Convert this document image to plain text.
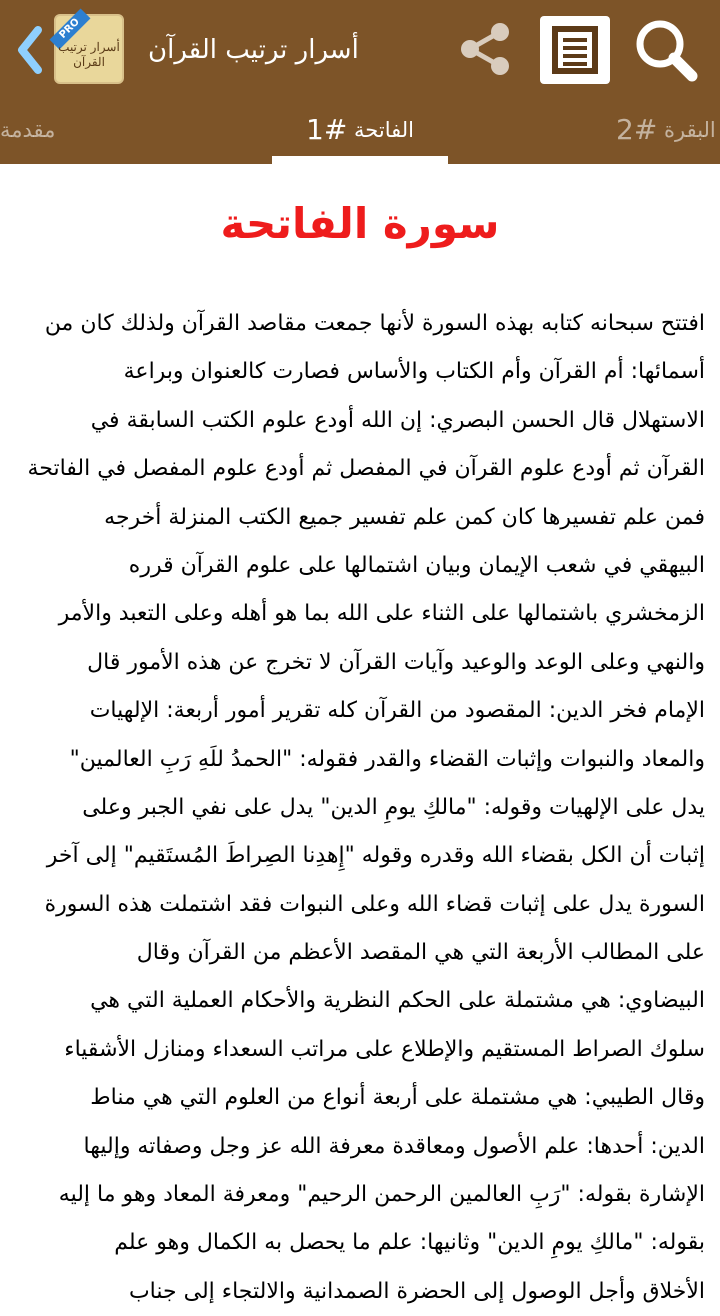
PRO
أسرار ترتيب
القرآن	أسرار ترتيب القرآن
مقدمة	الفاتحة #1	البقرة #2
سورة الفاتحة
افتتح سبحانه كتابه بهذه السورة لأنها جمعت مقاصد القرآن ولذلك كان من
أسمائها: أم القرآن وأم الكتاب والأساس فصارت كالعنوان وبراعة
الاستهلال قال الحسن البصري: إن الله أودع علوم الكتب السابقة في
القرآن ثم أودع علوم القرآن في المفصل ثم أودع علوم المفصل في الفاتحة
فمن علم تفسيرها كان كمن علم تفسير جميع الكتب المنزلة أخرجه
البيهقي في شعب الإيمان وبيان اشتمالها على علوم القرآن قرره
الزمخشري باشتمالها على الثناء على الله بما هو أهله وعلى التعبد والأمر
والنهي وعلى الوعد والوعيد وآيات القرآن لا تخرج عن هذه الأمور قال
الإمام فخر الدين: المقصود من القرآن كله تقرير أمور أربعة: الإلهيات
والمعاد والنبوات وإثبات القضاء والقدر فقوله: "الحمدُ للَهِ رَبِ العالمين"
يدل على الإلهيات وقوله: "مالكِ يومِ الدين" يدل على نفي الجبر وعلى
إثبات أن الكل بقضاء الله وقدره وقوله "إِهدِنا الصِراطَ المُستَقيم" إلى آخر
السورة يدل على إثبات قضاء الله وعلى النبوات فقد اشتملت هذه السورة
على المطالب الأربعة التي هي المقصد الأعظم من القرآن وقال
البيضاوي: هي مشتملة على الحكم النظرية والأحكام العملية التي هي
سلوك الصراط المستقيم والإطلاع على مراتب السعداء ومنازل الأشقياء
وقال الطيبي: هي مشتملة على أربعة أنواع من العلوم التي هي مناط
الدين: أحدها: علم الأصول ومعاقدة معرفة الله عز وجل وصفاته وإليها
الإشارة بقوله: "رَبِ العالمين الرحمن الرحيم" ومعرفة المعاد وهو ما إليه
بقوله: "مالكِ يومِ الدين" وثانيها: علم ما يحصل به الكمال وهو علم
الأخلاق وأجل الوصول إلى الحضرة الصمدانية والالتجاء إلى جناب
